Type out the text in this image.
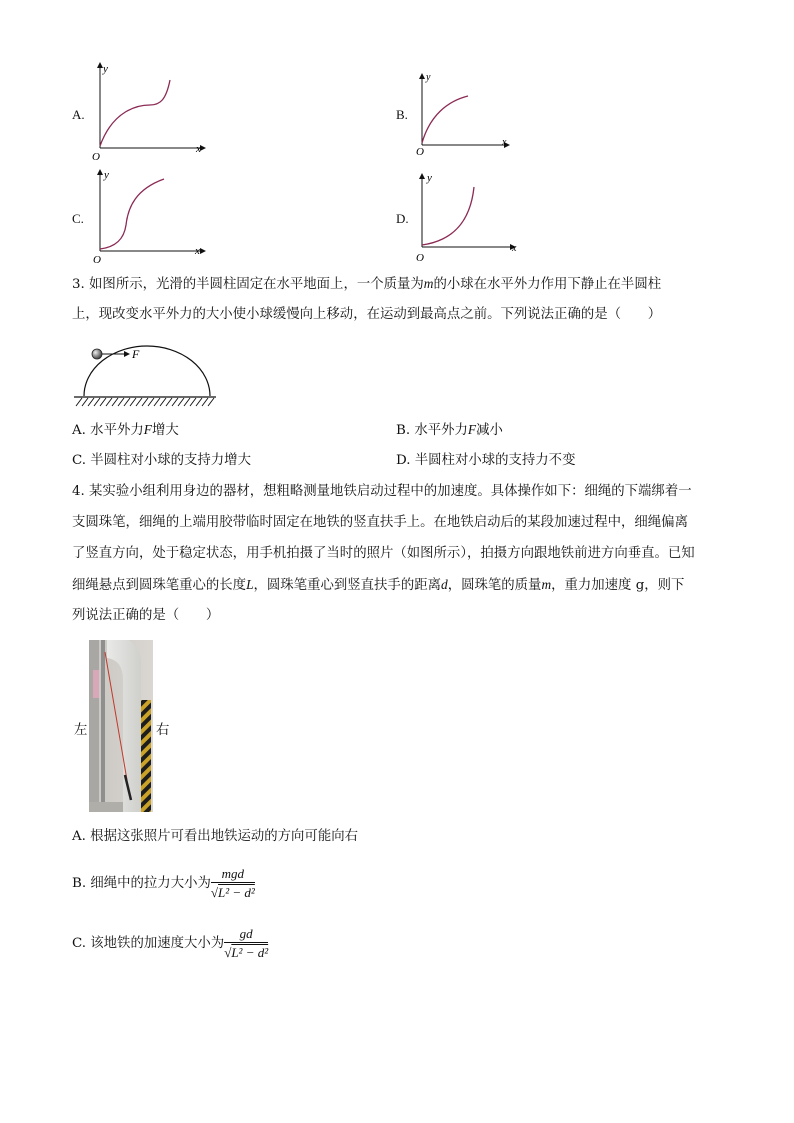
A.
y
x
O
B.
y
x
O
C.
y
x
O
D.
y
x
O
3. 如图所示，光滑的半圆柱固定在水平地面上，一个质量为m的小球在水平外力作用下静止在半圆柱
上，现改变水平外力的大小使小球缓慢向上移动，在运动到最高点之前。下列说法正确的是（　　）
F
A. 水平外力F增大	B. 水平外力F减小
C. 半圆柱对小球的支持力增大	D. 半圆柱对小球的支持力不变
4. 某实验小组利用身边的器材，想粗略测量地铁启动过程中的加速度。具体操作如下：细绳的下端绑着一
支圆珠笔，细绳的上端用胶带临时固定在地铁的竖直扶手上。在地铁启动后的某段加速过程中，细绳偏离
了竖直方向，处于稳定状态，用手机拍摄了当时的照片（如图所示），拍摄方向跟地铁前进方向垂直。已知
细绳悬点到圆珠笔重心的长度L，圆珠笔重心到竖直扶手的距离d，圆珠笔的质量m，重力加速度 g，则下
列说法正确的是（　　）
左	右
A. 根据这张照片可看出地铁运动的方向可能向右
B. 细绳中的拉力大小为 $\frac{\text{mgd}}{\text{√L² − d²}}$
C. 该地铁的加速度大小为 $\frac{gd}{\text{√L² − d²}}$
